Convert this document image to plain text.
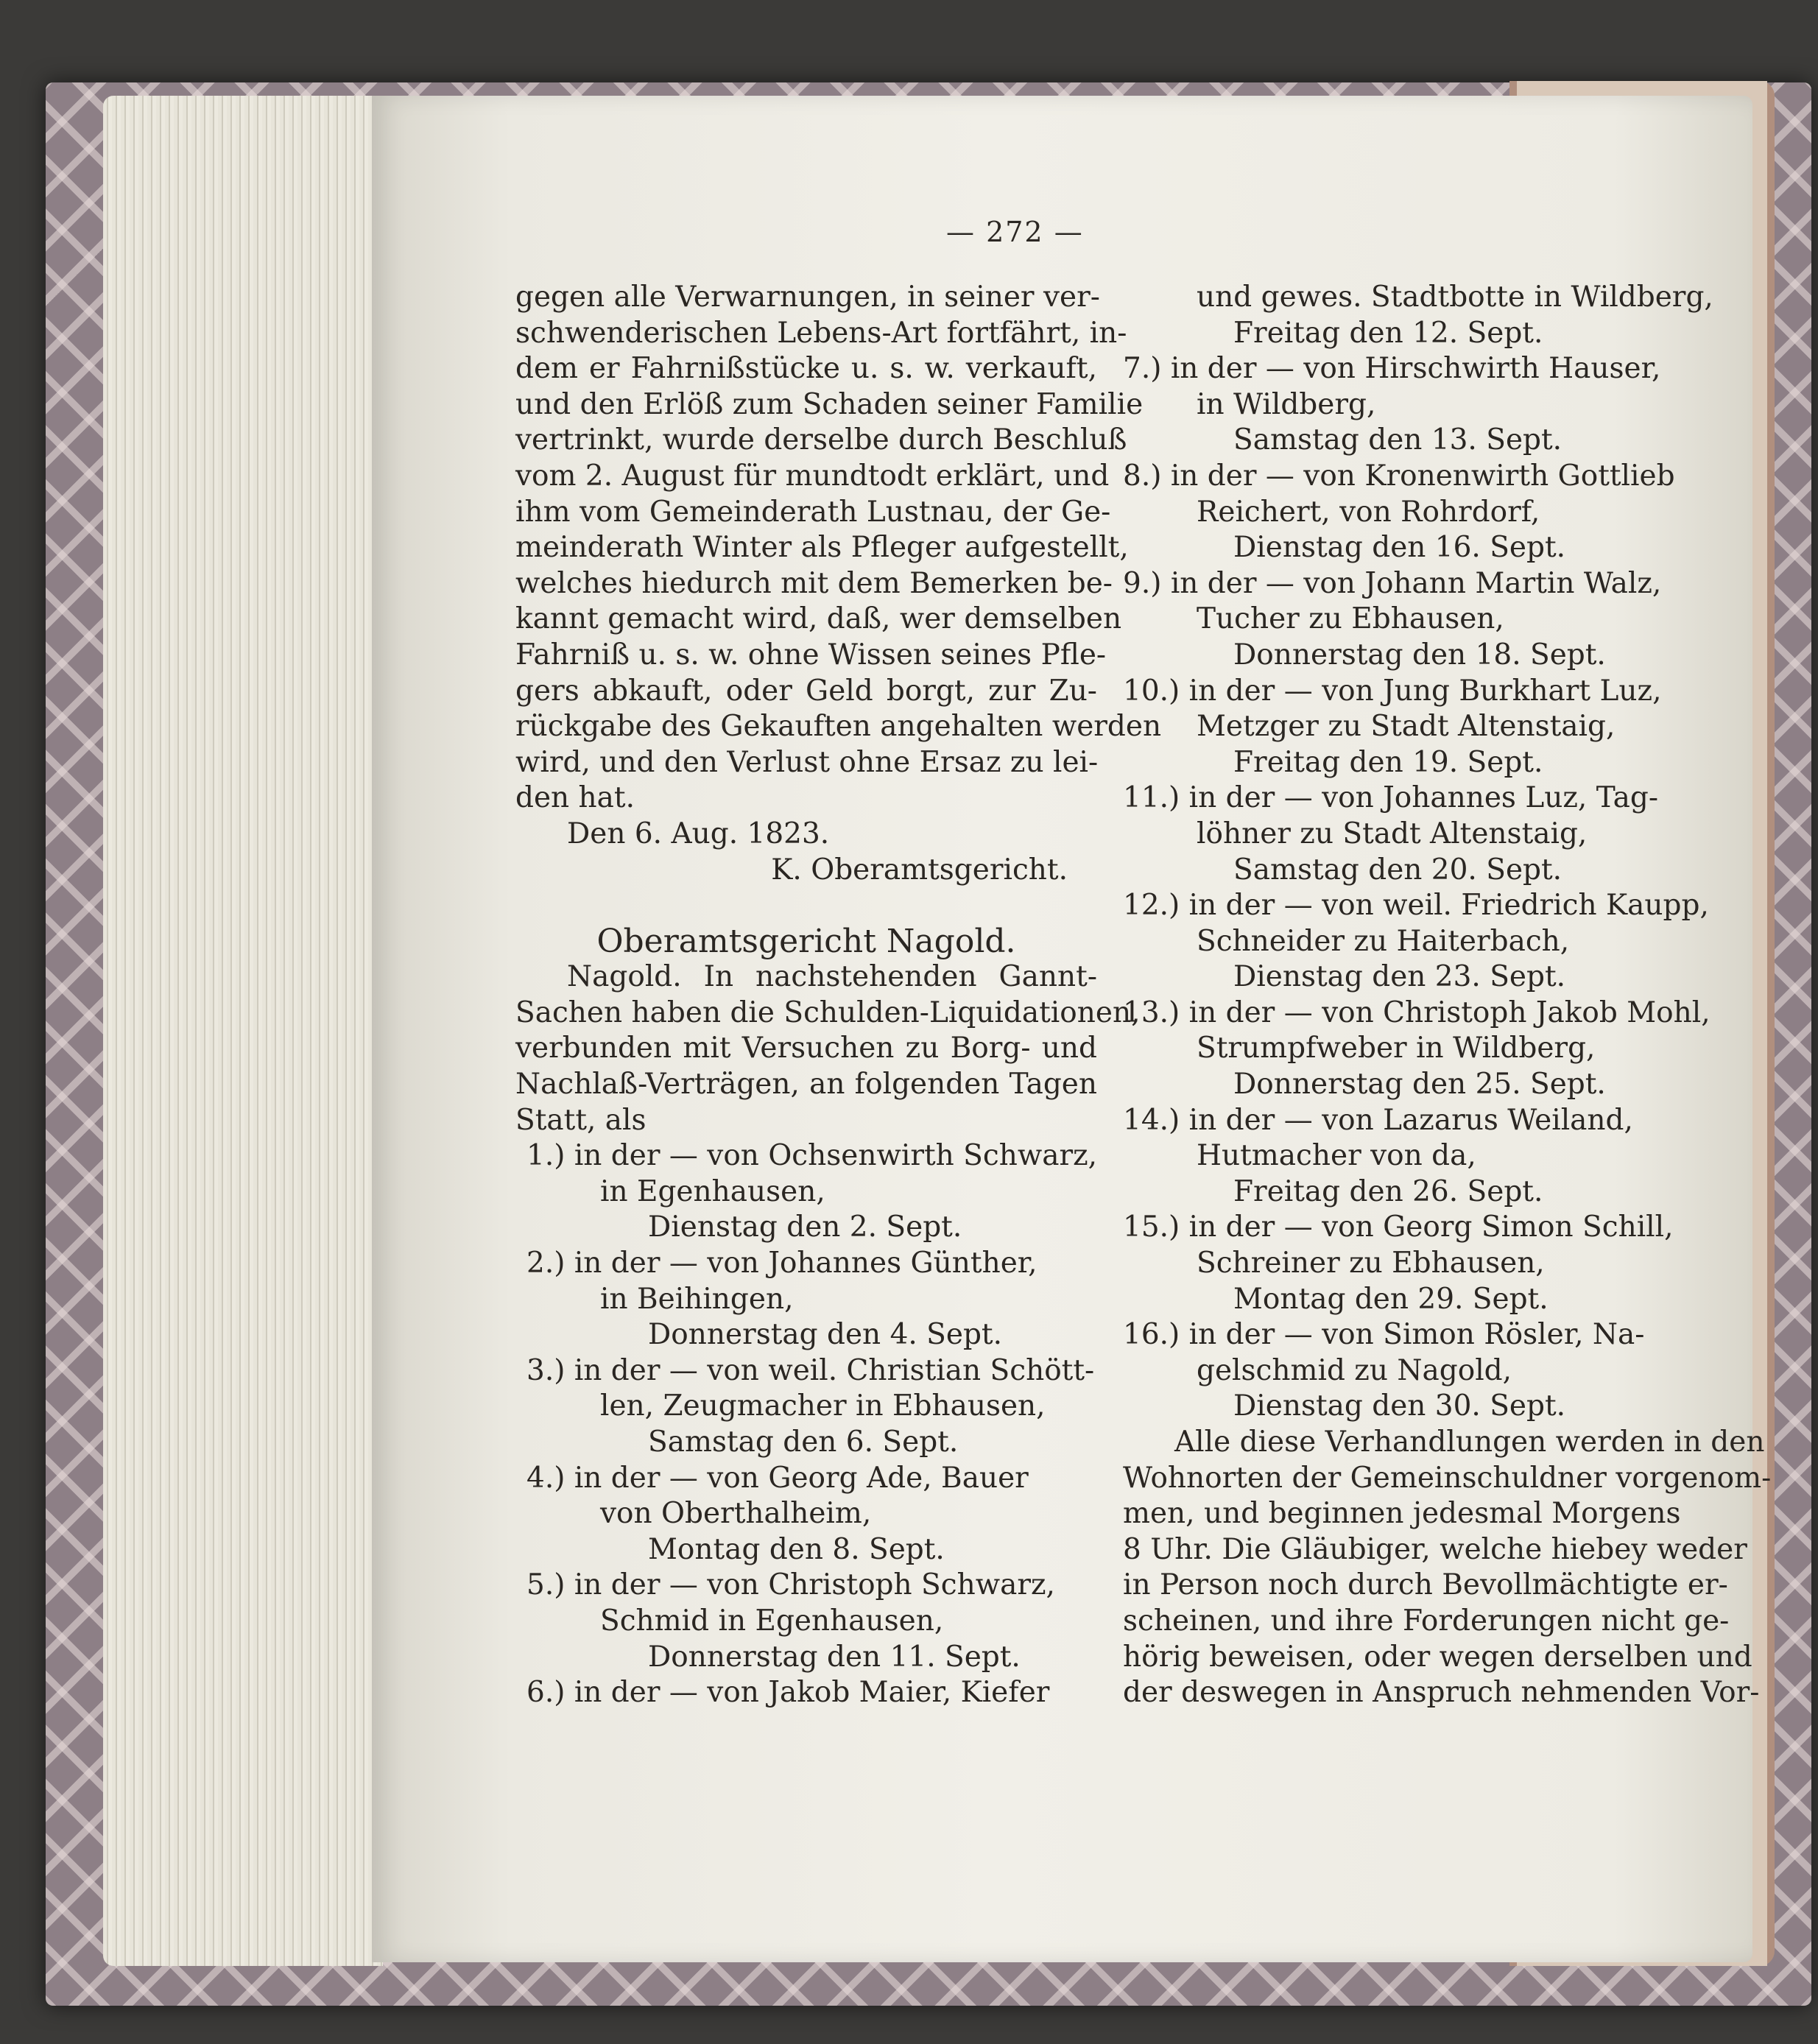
— 272 —
gegen alle Verwarnungen, in seiner ver-
schwenderischen Lebens-Art fortfährt, in-
dem er Fahrnißstücke u. s. w. verkauft,
und den Erlöß zum Schaden seiner Familie
vertrinkt, wurde derselbe durch Beschluß
vom 2. August für mundtodt erklärt, und
ihm vom Gemeinderath Lustnau, der Ge-
meinderath Winter als Pfleger aufgestellt,
welches hiedurch mit dem Bemerken be-
kannt gemacht wird, daß, wer demselben
Fahrniß u. s. w. ohne Wissen seines Pfle-
gers abkauft, oder Geld borgt, zur Zu-
rückgabe des Gekauften angehalten werden
wird, und den Verlust ohne Ersaz zu lei-
den hat.
Den 6. Aug. 1823.
K. Oberamtsgericht.
Oberamtsgericht Nagold.
Nagold. In nachstehenden Gannt-
Sachen haben die Schulden-Liquidationen,
verbunden mit Versuchen zu Borg- und
Nachlaß-Verträgen, an folgenden Tagen
Statt, als
1.) in der — von Ochsenwirth Schwarz,
in Egenhausen,
Dienstag den 2. Sept.
2.) in der — von Johannes Günther,
in Beihingen,
Donnerstag den 4. Sept.
3.) in der — von weil. Christian Schött-
len, Zeugmacher in Ebhausen,
Samstag den 6. Sept.
4.) in der — von Georg Ade, Bauer
von Oberthalheim,
Montag den 8. Sept.
5.) in der — von Christoph Schwarz,
Schmid in Egenhausen,
Donnerstag den 11. Sept.
6.) in der — von Jakob Maier, Kiefer
und gewes. Stadtbotte in Wildberg,
Freitag den 12. Sept.
7.) in der — von Hirschwirth Hauser,
in Wildberg,
Samstag den 13. Sept.
8.) in der — von Kronenwirth Gottlieb
Reichert, von Rohrdorf,
Dienstag den 16. Sept.
9.) in der — von Johann Martin Walz,
Tucher zu Ebhausen,
Donnerstag den 18. Sept.
10.) in der — von Jung Burkhart Luz,
Metzger zu Stadt Altenstaig,
Freitag den 19. Sept.
11.) in der — von Johannes Luz, Tag-
löhner zu Stadt Altenstaig,
Samstag den 20. Sept.
12.) in der — von weil. Friedrich Kaupp,
Schneider zu Haiterbach,
Dienstag den 23. Sept.
13.) in der — von Christoph Jakob Mohl,
Strumpfweber in Wildberg,
Donnerstag den 25. Sept.
14.) in der — von Lazarus Weiland,
Hutmacher von da,
Freitag den 26. Sept.
15.) in der — von Georg Simon Schill,
Schreiner zu Ebhausen,
Montag den 29. Sept.
16.) in der — von Simon Rösler, Na-
gelschmid zu Nagold,
Dienstag den 30. Sept.
Alle diese Verhandlungen werden in den
Wohnorten der Gemeinschuldner vorgenom-
men, und beginnen jedesmal Morgens
8 Uhr. Die Gläubiger, welche hiebey weder
in Person noch durch Bevollmächtigte er-
scheinen, und ihre Forderungen nicht ge-
hörig beweisen, oder wegen derselben und
der deswegen in Anspruch nehmenden Vor-
